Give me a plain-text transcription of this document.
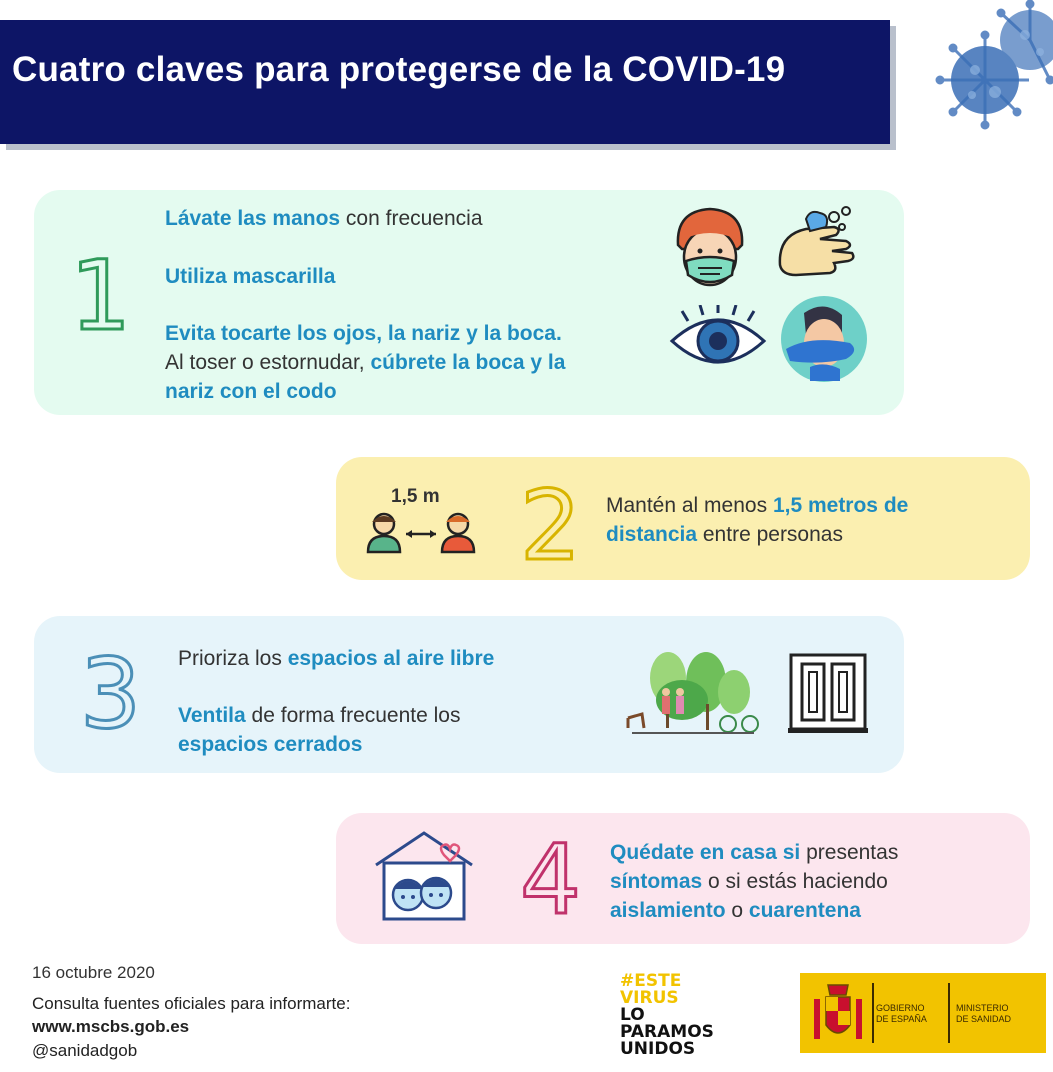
Cuatro claves para protegerse de la COVID-19
1
Lávate las manos con frecuencia
Utiliza mascarilla
Evita tocarte los ojos, la nariz y la boca.
Al toser o estornudar, cúbrete la boca y la
nariz con el codo
1,5 m 2 Mantén al menos 1,5 metros de
distancia entre personas
3 Prioriza los espacios al aire libre
Ventila de forma frecuente los
espacios cerrados
4 Quédate en casa si presentas
síntomas o si estás haciendo
aislamiento o cuarentena
16 octubre 2020
Consulta fuentes oficiales para informarte:
www.mscbs.gob.es
@sanidadgob
#ESTE
VIRUS
LO
PARAMOS
UNIDOS
GOBIERNO
DE ESPAÑA
MINISTERIO
DE SANIDAD
